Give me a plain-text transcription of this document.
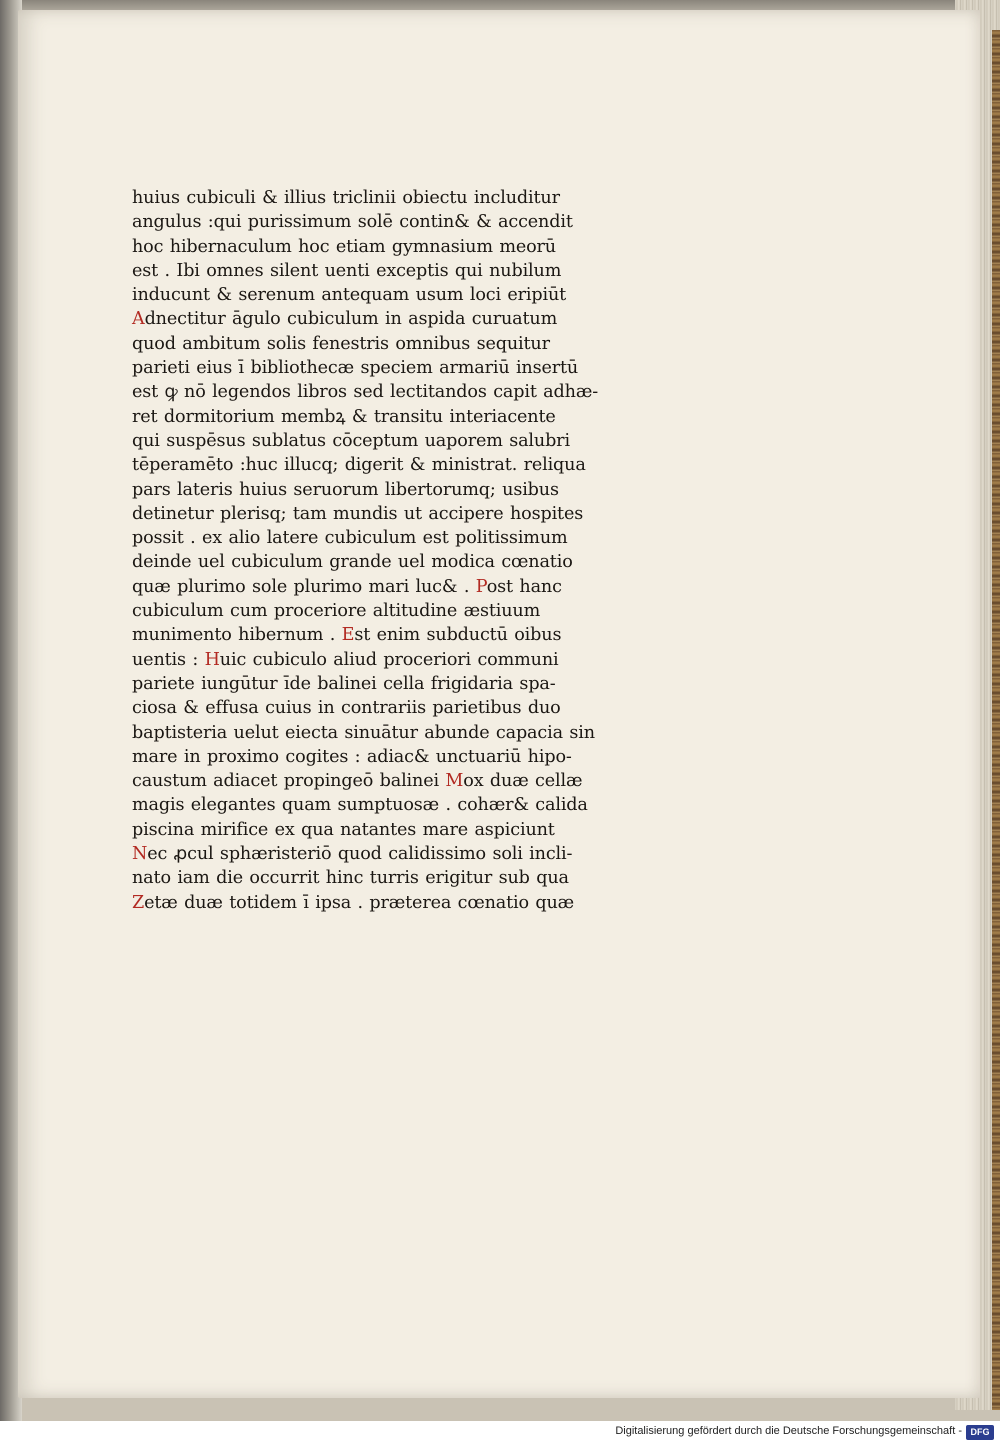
huius cubiculi & illius triclinii obiectu includitur
angulus :qui purissimum solē contin& & accendit
hoc hibernaculum hoc etiam gymnasium meorū
est . Ibi omnes silent uenti exceptis qui nubilum
inducunt & serenum antequam usum loci eripiūt
Adnectitur āgulo cubiculum in aspida curuatum
quod ambitum solis fenestris omnibus sequitur
parieti eius ī bibliothecæ speciem armariū insertū
est ꝙ nō legendos libros sed lectitandos capit adhæ-
ret dormitorium membꝝ & transitu interiacente
qui suspēsus sublatus cōceptum uaporem salubri
tēperamēto :huc illucq; digerit & ministrat. reliqua
pars lateris huius seruorum libertorumq; usibus
detinetur plerisq; tam mundis ut accipere hospites
possit . ex alio latere cubiculum est politissimum
deinde uel cubiculum grande uel modica cœnatio
quæ plurimo sole plurimo mari luc& . Post hanc
cubiculum cum proceriore altitudine æstiuum
munimento hibernum . Est enim subductū oibus
uentis : Huic cubiculo aliud proceriori communi
pariete iungūtur īde balinei cella frigidaria spa-
ciosa & effusa cuius in contrariis parietibus duo
baptisteria uelut eiecta sinuātur abunde capacia sin
mare in proximo cogites : adiac& unctuariū hipo-
caustum adiacet propingeō balinei Mox duæ cellæ
magis elegantes quam sumptuosæ . cohær& calida
piscina mirifice ex qua natantes mare aspiciunt
Nec ꝓcul sphæristeriō quod calidissimo soli incli-
nato iam die occurrit hinc turris erigitur sub qua
Zetæ duæ totidem ī ipsa . præterea cœnatio quæ
Digitalisierung gefördert durch die Deutsche Forschungsgemeinschaft - DFG
